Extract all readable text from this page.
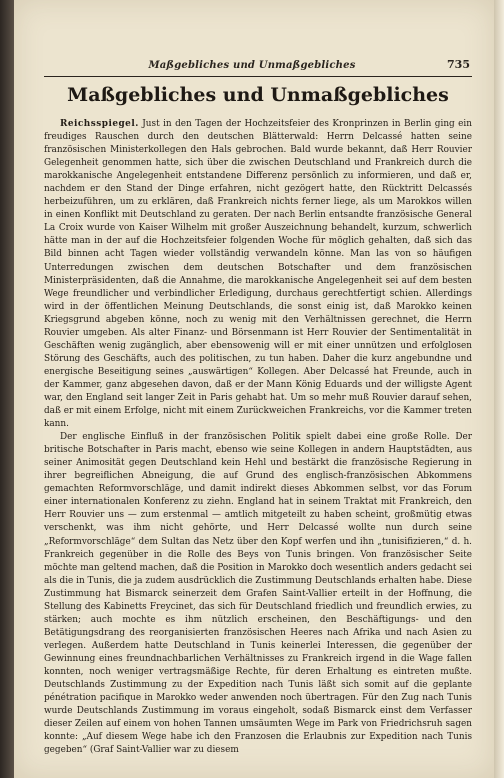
Maßgebliches und Unmaßgebliches	735
Maßgebliches und Unmaßgebliches

Reichsspiegel. Just in den Tagen der Hochzeitsfeier des Kronprinzen in Berlin ging ein freudiges Rauschen durch den deutschen Blätterwald: Herrn Delcassé hatten seine französischen Ministerkollegen den Hals gebrochen. Bald wurde bekannt, daß Herr Rouvier Gelegenheit genommen hatte, sich über die zwischen Deutschland und Frankreich durch die marokkanische Angelegenheit entstandene Differenz persönlich zu informieren, und daß er, nachdem er den Stand der Dinge erfahren, nicht gezögert hatte, den Rücktritt Delcassés herbeizuführen, um zu erklären, daß Frankreich nichts ferner liege, als um Marokkos willen in einen Konflikt mit Deutschland zu geraten. Der nach Berlin entsandte französische General La Croix wurde von Kaiser Wilhelm mit großer Auszeichnung behandelt, kurzum, schwerlich hätte man in der auf die Hochzeitsfeier folgenden Woche für möglich gehalten, daß sich das Bild binnen acht Tagen wieder vollständig verwandeln könne. Man las von so häufigen Unterredungen zwischen dem deutschen Botschafter und dem französischen Ministerpräsidenten, daß die Annahme, die marokkanische Angelegenheit sei auf dem besten Wege freundlicher und verbindlicher Erledigung, durchaus gerechtfertigt schien. Allerdings wird in der öffentlichen Meinung Deutschlands, die sonst einig ist, daß Marokko keinen Kriegsgrund abgeben könne, noch zu wenig mit den Verhältnissen gerechnet, die Herrn Rouvier umgeben. Als alter Finanz- und Börsenmann ist Herr Rouvier der Sentimentalität in Geschäften wenig zugänglich, aber ebensowenig will er mit einer unnützen und erfolglosen Störung des Geschäfts, auch des politischen, zu tun haben. Daher die kurz angebundne und energische Beseitigung seines „auswärtigen“ Kollegen. Aber Delcassé hat Freunde, auch in der Kammer, ganz abgesehen davon, daß er der Mann König Eduards und der willigste Agent war, den England seit langer Zeit in Paris gehabt hat. Um so mehr muß Rouvier darauf sehen, daß er mit einem Erfolge, nicht mit einem Zurückweichen Frankreichs, vor die Kammer treten kann.

Der englische Einfluß in der französischen Politik spielt dabei eine große Rolle. Der britische Botschafter in Paris macht, ebenso wie seine Kollegen in andern Hauptstädten, aus seiner Animosität gegen Deutschland kein Hehl und bestärkt die französische Regierung in ihrer begreiflichen Abneigung, die auf Grund des englisch-französischen Abkommens gemachten Reformvorschläge, und damit indirekt dieses Abkommen selbst, vor das Forum einer internationalen Konferenz zu ziehn. England hat in seinem Traktat mit Frankreich, den Herr Rouvier uns — zum erstenmal — amtlich mitgeteilt zu haben scheint, großmütig etwas verschenkt, was ihm nicht gehörte, und Herr Delcassé wollte nun durch seine „Reformvorschläge“ dem Sultan das Netz über den Kopf werfen und ihn „tunisifizieren,“ d. h. Frankreich gegenüber in die Rolle des Beys von Tunis bringen. Von französischer Seite möchte man geltend machen, daß die Position in Marokko doch wesentlich anders gedacht sei als die in Tunis, die ja zudem ausdrücklich die Zustimmung Deutschlands erhalten habe. Diese Zustimmung hat Bismarck seinerzeit dem Grafen Saint-Vallier erteilt in der Hoffnung, die Stellung des Kabinetts Freycinet, das sich für Deutschland friedlich und freundlich erwies, zu stärken; auch mochte es ihm nützlich erscheinen, den Beschäftigungs- und den Betätigungsdrang des reorganisierten französischen Heeres nach Afrika und nach Asien zu verlegen. Außerdem hatte Deutschland in Tunis keinerlei Interessen, die gegenüber der Gewinnung eines freundnachbarlichen Verhältnisses zu Frankreich irgend in die Wage fallen konnten, noch weniger vertragsmäßige Rechte, für deren Erhaltung es eintreten mußte. Deutschlands Zustimmung zu der Expedition nach Tunis läßt sich somit auf die geplante pénétration pacifique in Marokko weder anwenden noch übertragen. Für den Zug nach Tunis wurde Deutschlands Zustimmung im voraus eingeholt, sodaß Bismarck einst dem Verfasser dieser Zeilen auf einem von hohen Tannen umsäumten Wege im Park von Friedrichsruh sagen konnte: „Auf diesem Wege habe ich den Franzosen die Erlaubnis zur Expedition nach Tunis gegeben“ (Graf Saint-Vallier war zu diesem
